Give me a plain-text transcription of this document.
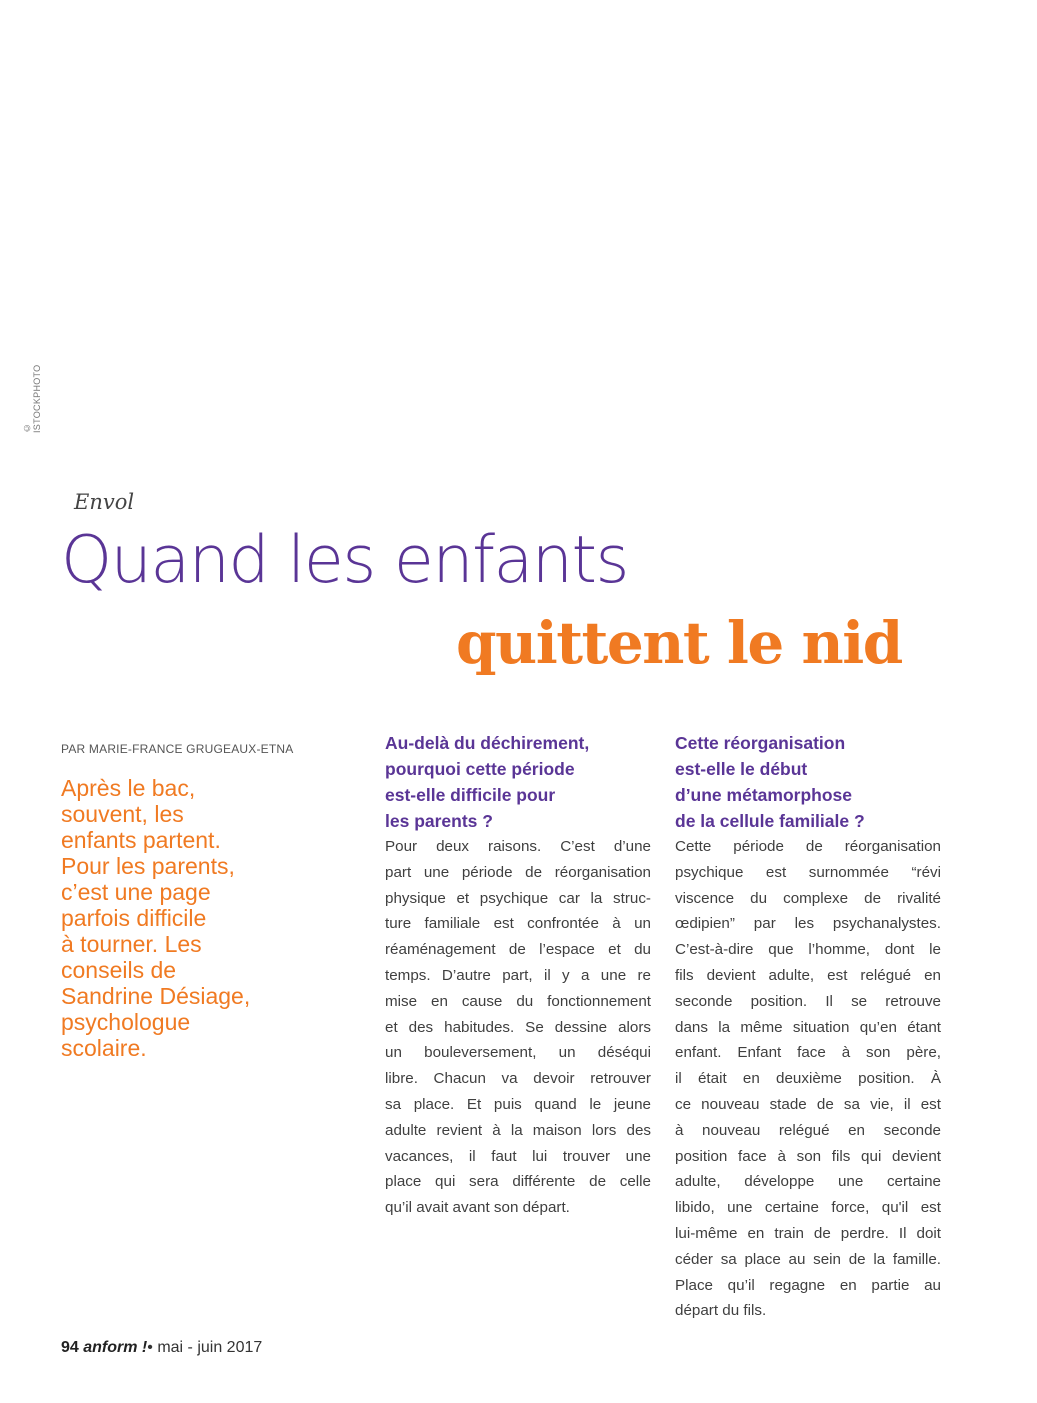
© ISTOCKPHOTO
Envol
Quand les enfants
quittent le nid
PAR MARIE-FRANCE GRUGEAUX-ETNA
Après le bac,
souvent, les
enfants partent.
Pour les parents,
c’est une page
parfois difficile
à tourner. Les
conseils de
Sandrine Désiage,
psychologue
scolaire.
Au-delà du déchirement,
pourquoi cette période
est-elle difficile pour
les parents ?
Pour deux raisons. C’est d’une
part une période de réorganisation
physique et psychique car la struc-
ture familiale est confrontée à un
réaménagement de l’espace et du
temps. D’autre part, il y a une re
mise en cause du fonctionnement
et des habitudes. Se dessine alors
un bouleversement, un déséqui
libre. Chacun va devoir retrouver
sa place. Et puis quand le jeune
adulte revient à la maison lors des
vacances, il faut lui trouver une
place qui sera différente de celle
qu’il avait avant son départ.
Cette réorganisation
est-elle le début
d’une métamorphose
de la cellule familiale ?
Cette période de réorganisation
psychique est surnommée “révi
viscence du complexe de rivalité
œdipien” par les psychanalystes.
C’est-à-dire que l’homme, dont le
fils devient adulte, est relégué en
seconde position. Il se retrouve
dans la même situation qu’en étant
enfant. Enfant face à son père,
il était en deuxième position. À
ce nouveau stade de sa vie, il est
à nouveau relégué en seconde
position face à son fils qui devient
adulte, développe une certaine
libido, une certaine force, qu'il est
lui-même en train de perdre. Il doit
céder sa place au sein de la famille.
Place qu’il regagne en partie au
départ du fils.
94 anform !• mai - juin 2017
